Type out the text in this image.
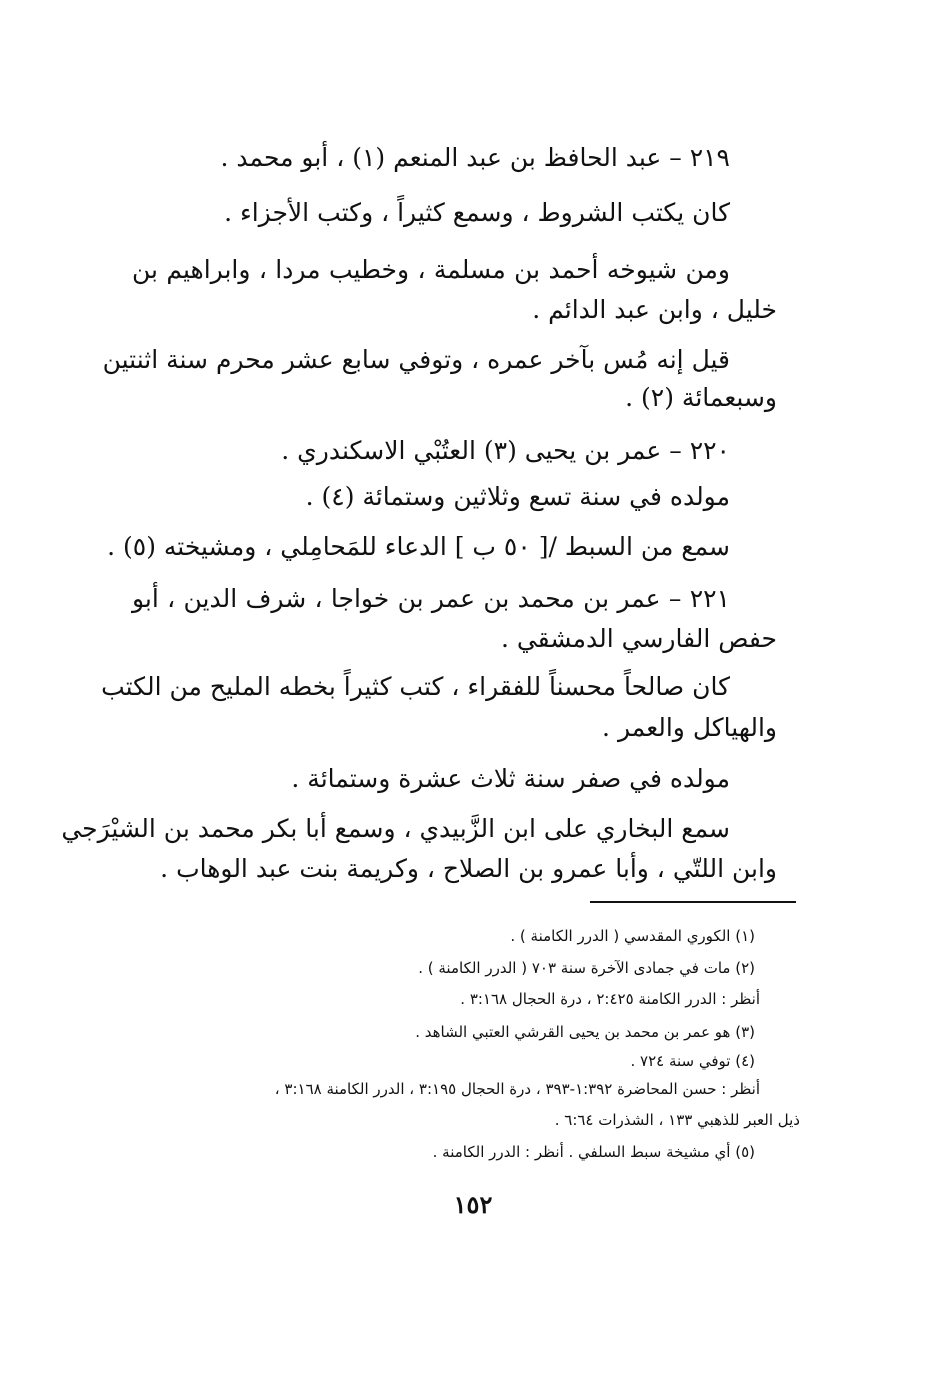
٢١٩ – عبد الحافظ بن عبد المنعم (١) ، أبو محمد .
كان يكتب الشروط ، وسمع كثيراً ، وكتب الأجزاء .
ومن شيوخه أحمد بن مسلمة ، وخطيب مردا ، وابراهيم بن
خليل ، وابن عبد الدائم .
قيل إنه مُس بآخر عمره ، وتوفي سابع عشر محرم سنة اثنتين
وسبعمائة (٢) .
٢٢٠ – عمر بن يحيى (٣) العتُبْي الاسكندري .
مولده في سنة تسع وثلاثين وستمائة (٤) .
سمع من السبط /[ ٥٠ ب ] الدعاء للمَحامِلي ، ومشيخته (٥) .
٢٢١ – عمر بن محمد بن عمر بن خواجا ، شرف الدين ، أبو
حفص الفارسي الدمشقي .
كان صالحاً محسناً للفقراء ، كتب كثيراً بخطه المليح من الكتب
والهياكل والعمر .
مولده في صفر سنة ثلاث عشرة وستمائة .
سمع البخاري على ابن الزَّبيدي ، وسمع أبا بكر محمد بن الشيْرَجي
وابن اللتّي ، وأبا عمرو بن الصلاح ، وكريمة بنت عبد الوهاب .
(١) الكوري المقدسي ( الدرر الكامنة ) .
(٢) مات في جمادى الآخرة سنة ٧٠٣ ( الدرر الكامنة ) .
أنظر : الدرر الكامنة ٢:٤٢٥ ، درة الحجال ٣:١٦٨ .
(٣) هو عمر بن محمد بن يحيى القرشي العتبي الشاهد .
(٤) توفي سنة ٧٢٤ .
أنظر : حسن المحاضرة ١:٣٩٢-٣٩٣ ، درة الحجال ٣:١٩٥ ، الدرر الكامنة ٣:١٦٨ ،
ذيل العبر للذهبي ١٣٣ ، الشذرات ٦:٦٤ .
(٥) أي مشيخة سبط السلفي . أنظر : الدرر الكامنة .
١٥٢
